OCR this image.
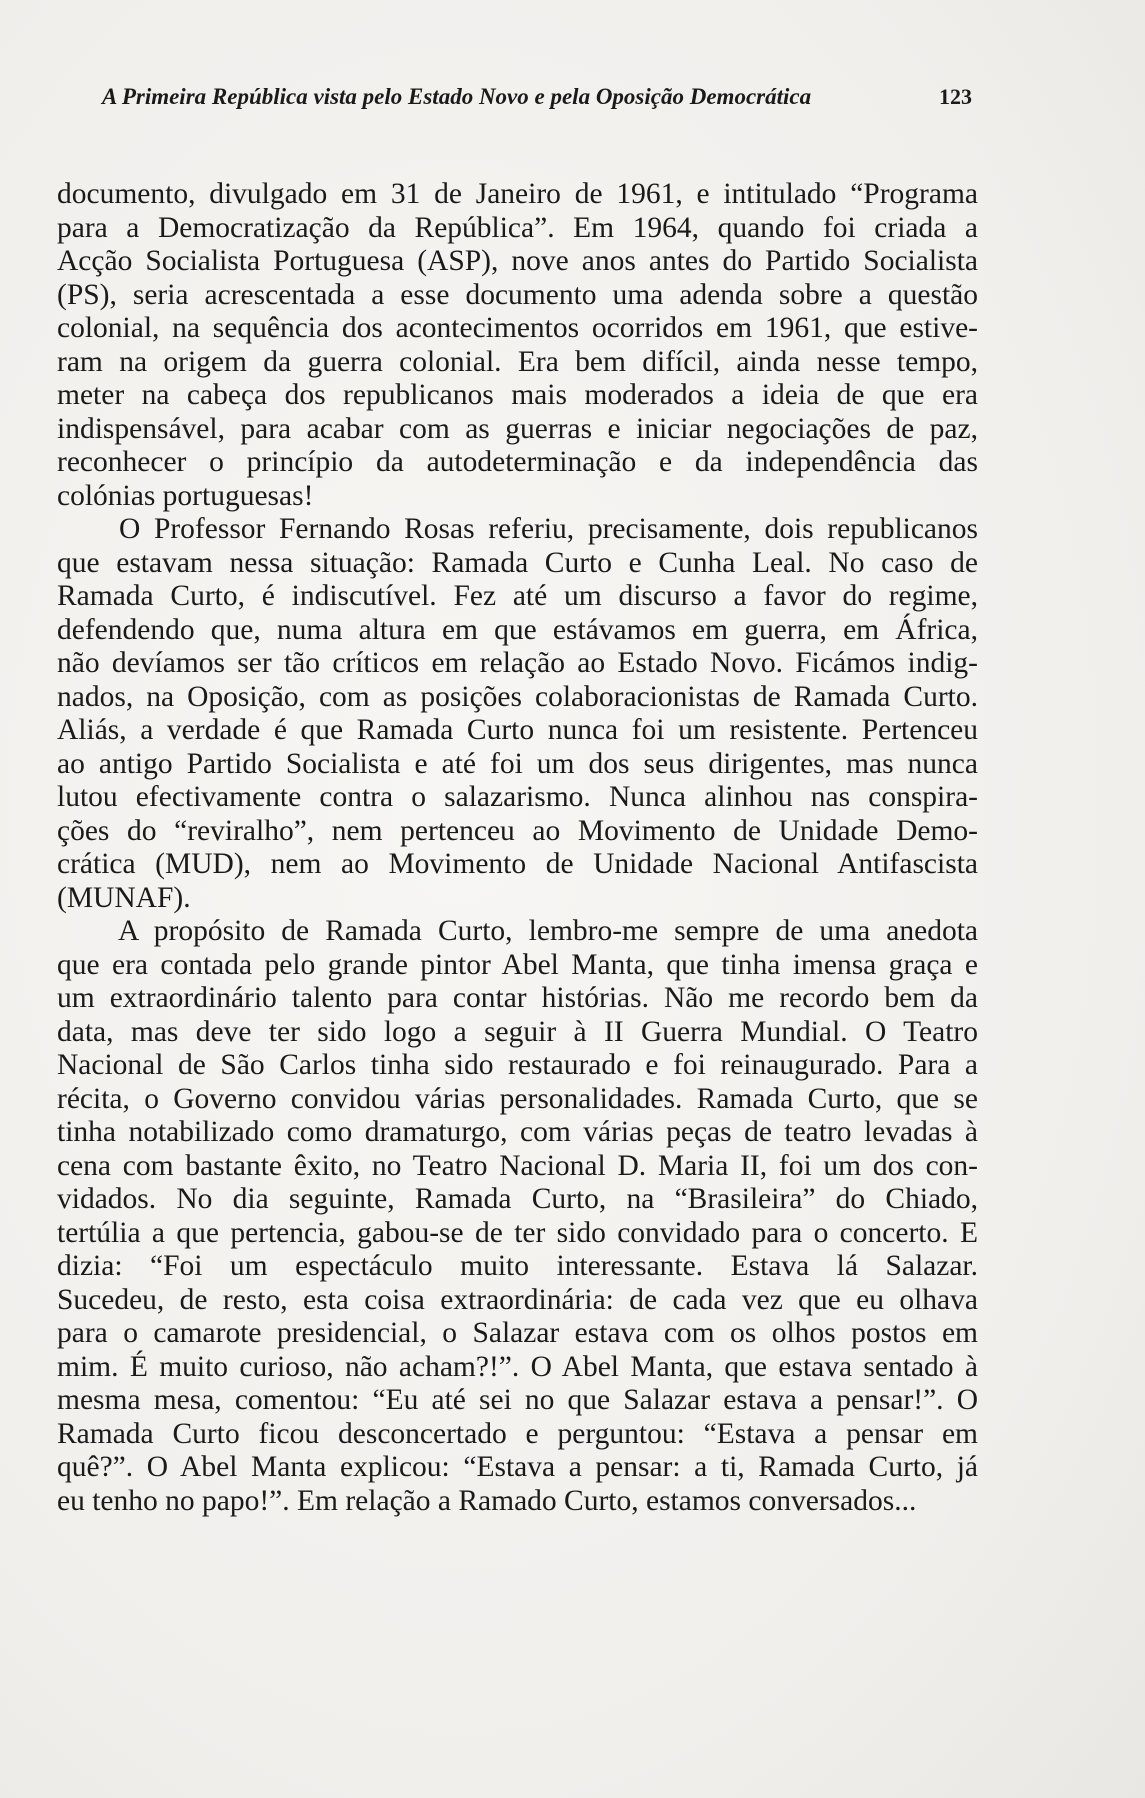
A Primeira República vista pelo Estado Novo e pela Oposição Democrática	123
documento, divulgado em 31 de Janeiro de 1961, e intitulado “Programa
para a Democratização da República”. Em 1964, quando foi criada a
Acção Socialista Portuguesa (ASP), nove anos antes do Partido Socialista
(PS), seria acrescentada a esse documento uma adenda sobre a questão
colonial, na sequência dos acontecimentos ocorridos em 1961, que estive-
ram na origem da guerra colonial. Era bem difícil, ainda nesse tempo,
meter na cabeça dos republicanos mais moderados a ideia de que era
indispensável, para acabar com as guerras e iniciar negociações de paz,
reconhecer o princípio da autodeterminação e da independência das
colónias portuguesas!
O Professor Fernando Rosas referiu, precisamente, dois republicanos
que estavam nessa situação: Ramada Curto e Cunha Leal. No caso de
Ramada Curto, é indiscutível. Fez até um discurso a favor do regime,
defendendo que, numa altura em que estávamos em guerra, em África,
não devíamos ser tão críticos em relação ao Estado Novo. Ficámos indig-
nados, na Oposição, com as posições colaboracionistas de Ramada Curto.
Aliás, a verdade é que Ramada Curto nunca foi um resistente. Pertenceu
ao antigo Partido Socialista e até foi um dos seus dirigentes, mas nunca
lutou efectivamente contra o salazarismo. Nunca alinhou nas conspira-
ções do “reviralho”, nem pertenceu ao Movimento de Unidade Demo-
crática (MUD), nem ao Movimento de Unidade Nacional Antifascista
(MUNAF).
A propósito de Ramada Curto, lembro-me sempre de uma anedota
que era contada pelo grande pintor Abel Manta, que tinha imensa graça e
um extraordinário talento para contar histórias. Não me recordo bem da
data, mas deve ter sido logo a seguir à II Guerra Mundial. O Teatro
Nacional de São Carlos tinha sido restaurado e foi reinaugurado. Para a
récita, o Governo convidou várias personalidades. Ramada Curto, que se
tinha notabilizado como dramaturgo, com várias peças de teatro levadas à
cena com bastante êxito, no Teatro Nacional D. Maria II, foi um dos con-
vidados. No dia seguinte, Ramada Curto, na “Brasileira” do Chiado,
tertúlia a que pertencia, gabou-se de ter sido convidado para o concerto. E
dizia: “Foi um espectáculo muito interessante. Estava lá Salazar.
Sucedeu, de resto, esta coisa extraordinária: de cada vez que eu olhava
para o camarote presidencial, o Salazar estava com os olhos postos em
mim. É muito curioso, não acham?!”. O Abel Manta, que estava sentado à
mesma mesa, comentou: “Eu até sei no que Salazar estava a pensar!”. O
Ramada Curto ficou desconcertado e perguntou: “Estava a pensar em
quê?”. O Abel Manta explicou: “Estava a pensar: a ti, Ramada Curto, já
eu tenho no papo!”. Em relação a Ramado Curto, estamos conversados...
